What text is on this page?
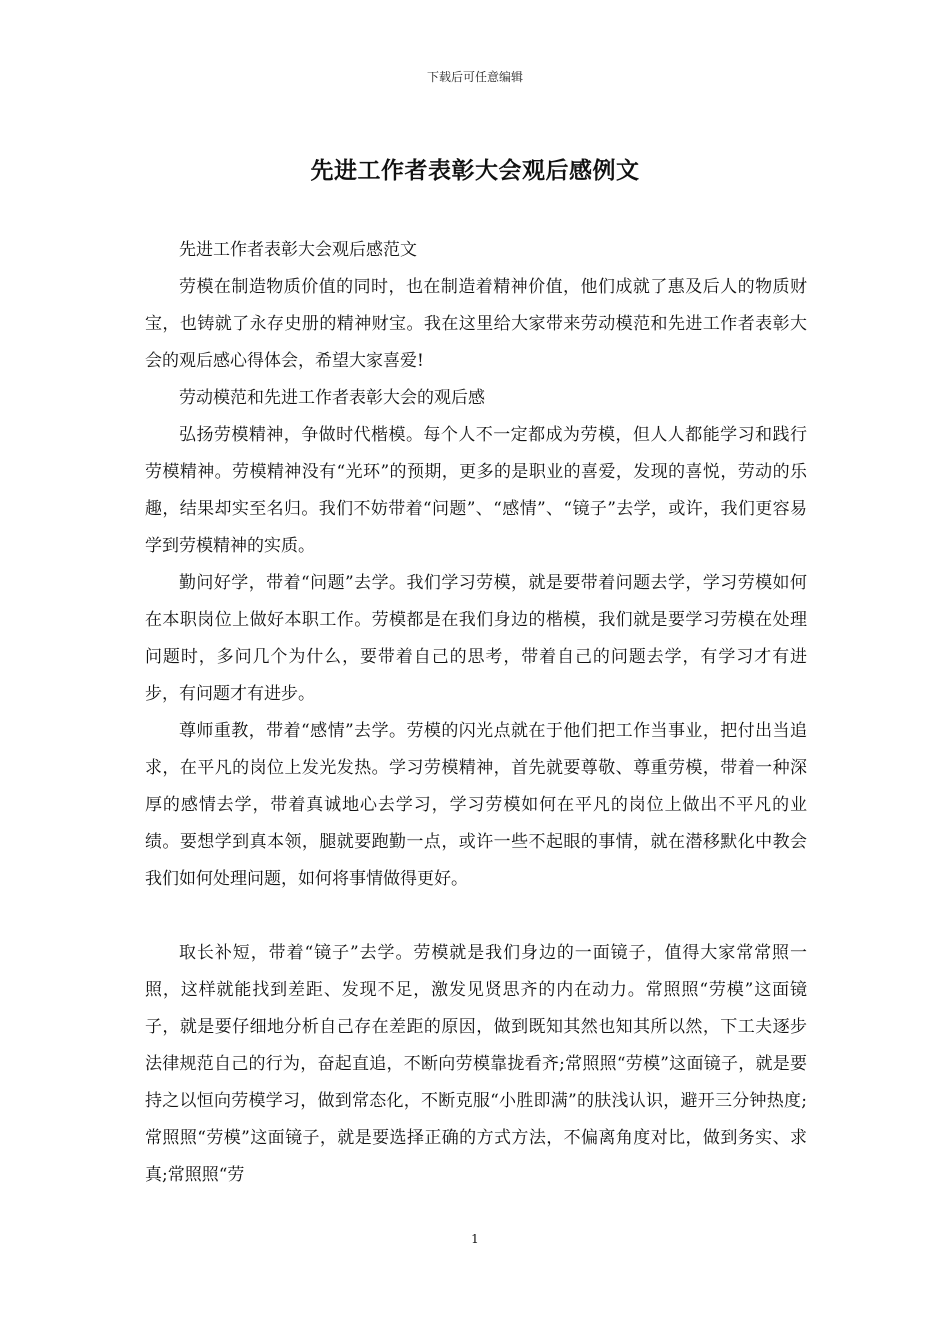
下载后可任意编辑
先进工作者表彰大会观后感例文

先进工作者表彰大会观后感范文

劳模在制造物质价值的同时，也在制造着精神价值，他们成就了惠及后人的物质财宝，也铸就了永存史册的精神财宝。我在这里给大家带来劳动模范和先进工作者表彰大会的观后感心得体会，希望大家喜爱!

劳动模范和先进工作者表彰大会的观后感

弘扬劳模精神，争做时代楷模。每个人不一定都成为劳模，但人人都能学习和践行劳模精神。劳模精神没有“光环”的预期，更多的是职业的喜爱，发现的喜悦，劳动的乐趣，结果却实至名归。我们不妨带着“问题”、“感情”、“镜子”去学，或许，我们更容易学到劳模精神的实质。

勤问好学，带着“问题”去学。我们学习劳模，就是要带着问题去学，学习劳模如何在本职岗位上做好本职工作。劳模都是在我们身边的楷模，我们就是要学习劳模在处理问题时，多问几个为什么，要带着自己的思考，带着自己的问题去学，有学习才有进步，有问题才有进步。

尊师重教，带着“感情”去学。劳模的闪光点就在于他们把工作当事业，把付出当追求，在平凡的岗位上发光发热。学习劳模精神，首先就要尊敬、尊重劳模，带着一种深厚的感情去学，带着真诚地心去学习，学习劳模如何在平凡的岗位上做出不平凡的业绩。要想学到真本领，腿就要跑勤一点，或许一些不起眼的事情，就在潜移默化中教会我们如何处理问题，如何将事情做得更好。

取长补短，带着“镜子”去学。劳模就是我们身边的一面镜子，值得大家常常照一照，这样就能找到差距、发现不足，激发见贤思齐的内在动力。常照照“劳模”这面镜子，就是要仔细地分析自己存在差距的原因，做到既知其然也知其所以然，下工夫逐步法律规范自己的行为，奋起直追，不断向劳模靠拢看齐;常照照“劳模”这面镜子，就是要持之以恒向劳模学习，做到常态化，不断克服“小胜即满”的肤浅认识，避开三分钟热度;常照照“劳模”这面镜子，就是要选择正确的方式方法，不偏离角度对比，做到务实、求真;常照照“劳

1
